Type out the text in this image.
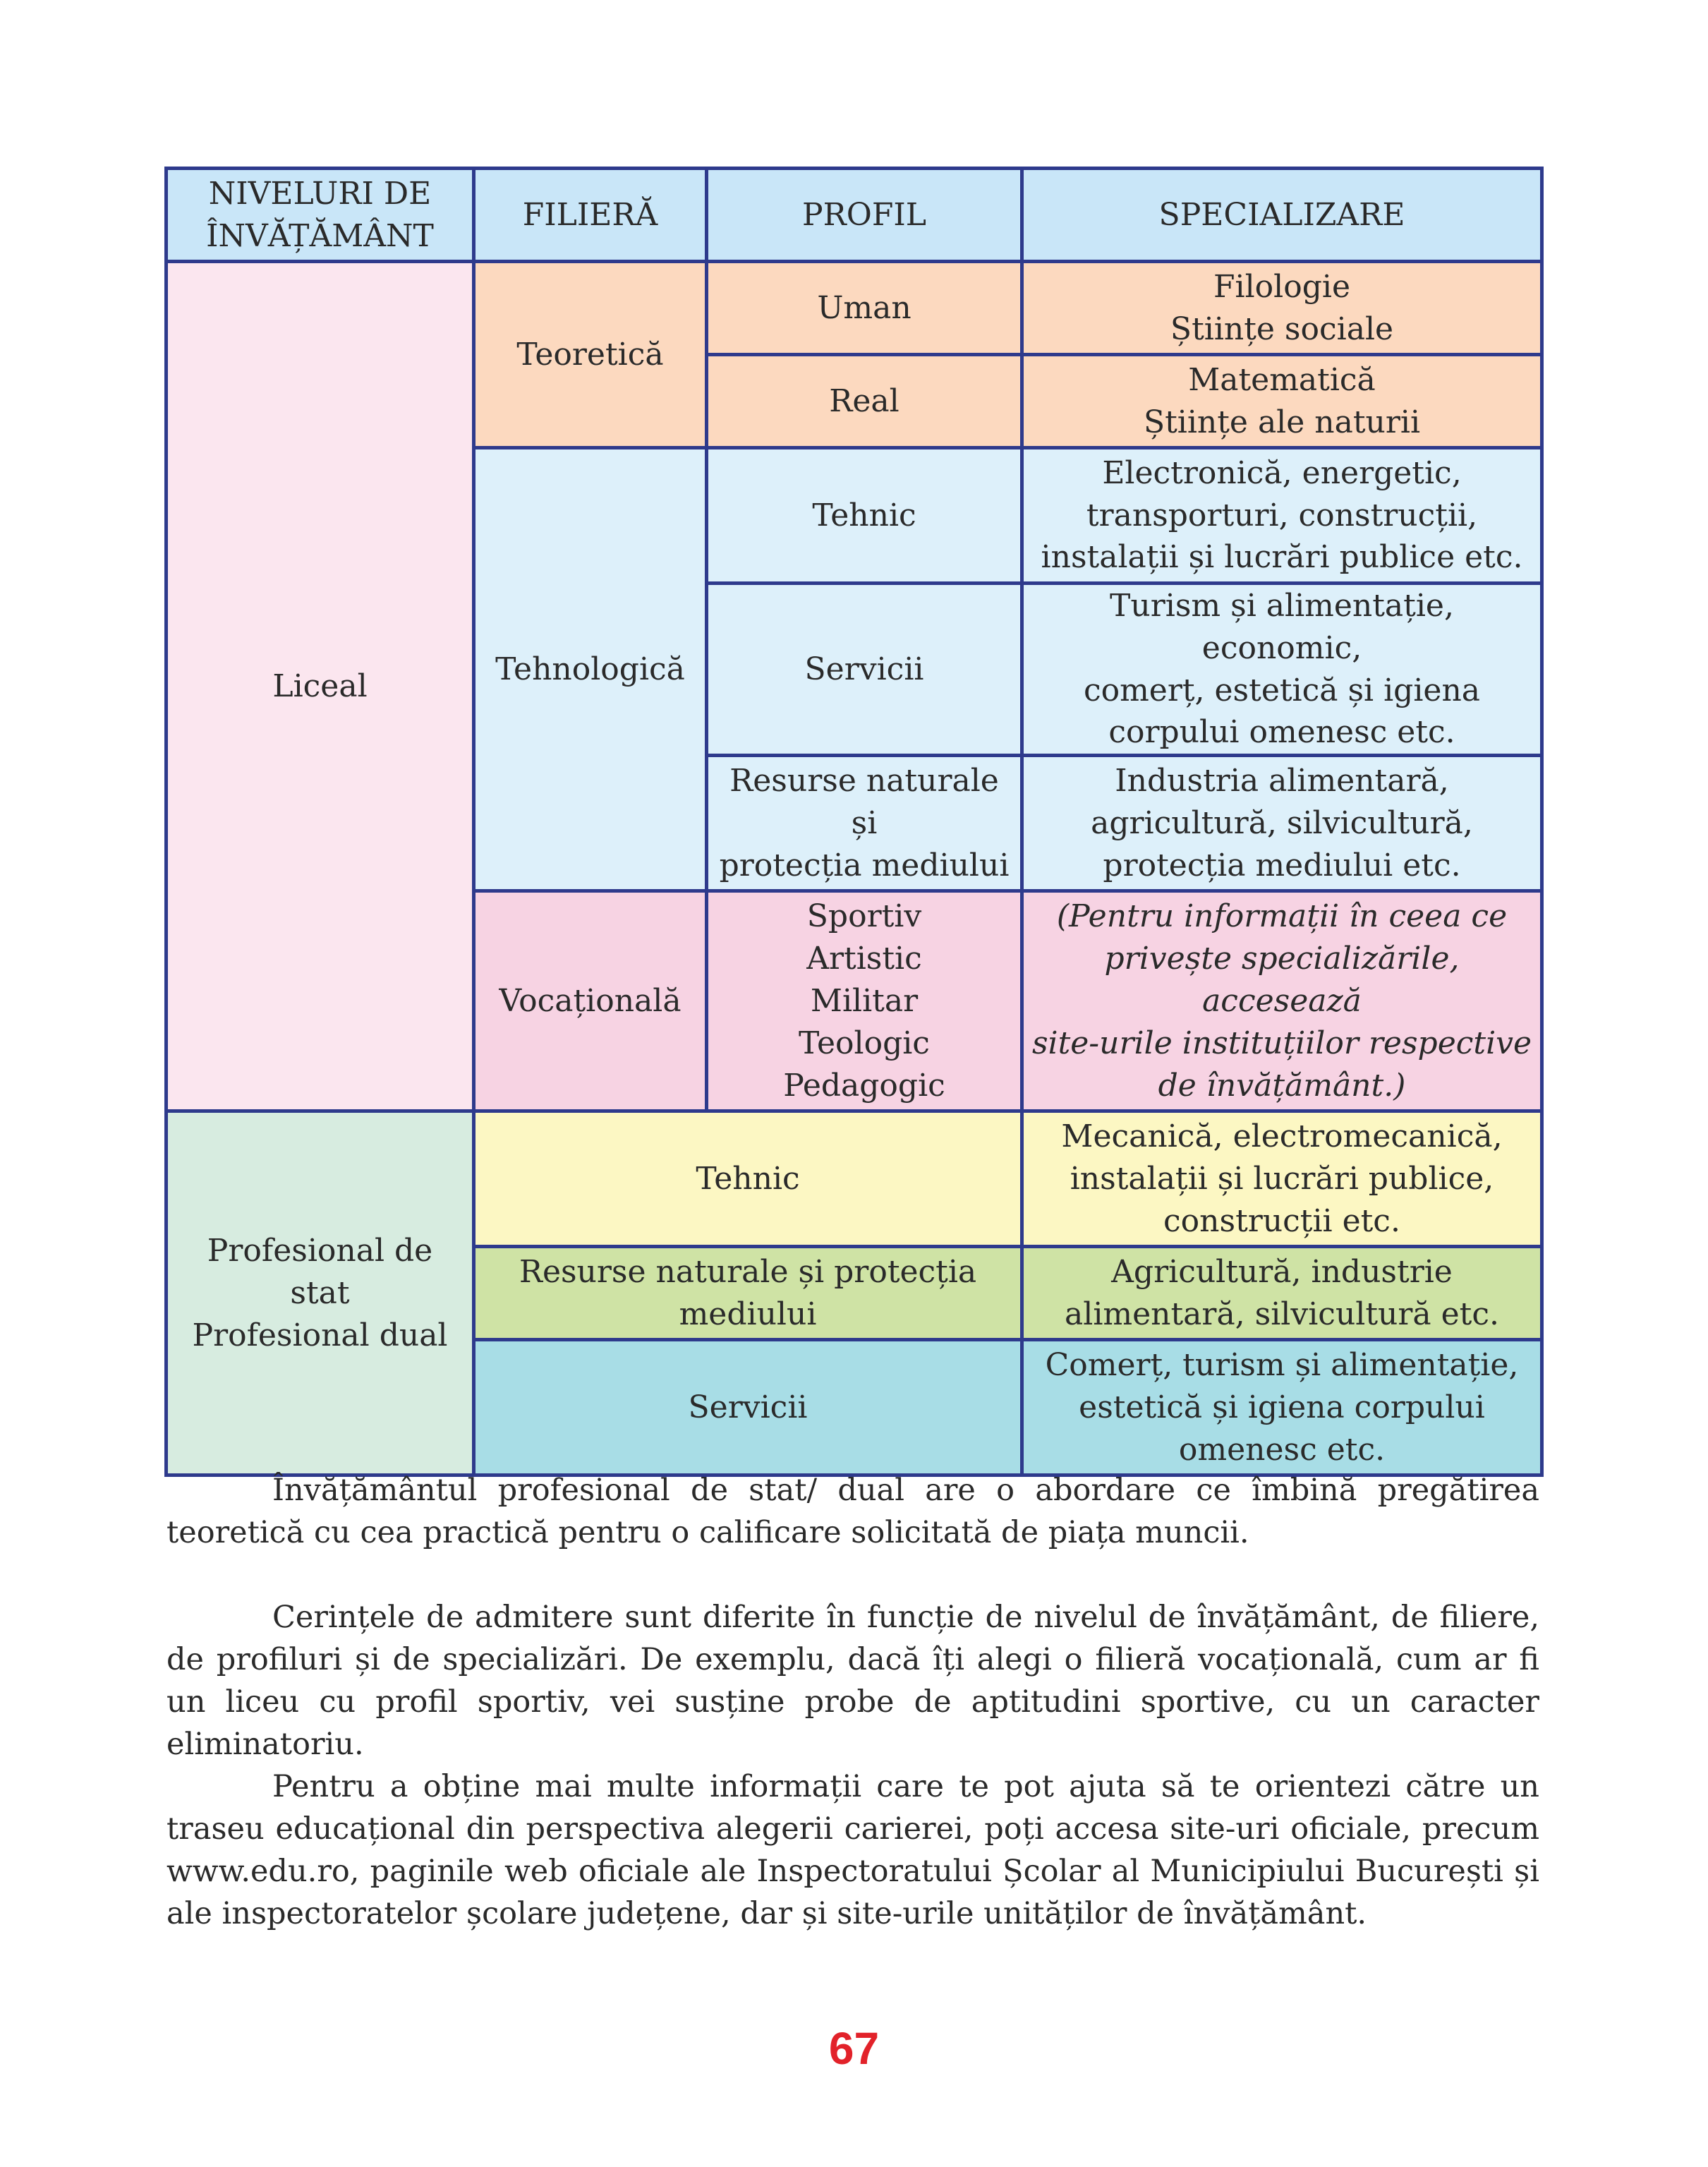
NIVELURI DE ÎNVĂȚĂMÂNT	FILIERĂ	PROFIL	SPECIALIZARE
Liceal	Teoretică	Uman	Filologie
Științe sociale

		Real	Matematică
Științe ale naturii

	Tehnologică	Tehnic	Electronică, energetic,
transporturi, construcții,
instalații și lucrări publice etc.

		Servicii	Turism și alimentație, economic,
comerț, estetică și igiena
corpului omenesc etc.

		Resurse naturale și
protecția mediului	Industria alimentară,
agricultură, silvicultură,
protecția mediului etc.

	Vocațională	Sportiv
Artistic
Militar
Teologic
Pedagogic	(Pentru informații în ceea ce
privește specializările, accesează
site-urile instituțiilor respective
de învățământ.)

Profesional de stat
Profesional dual	Tehnic		Mecanică, electromecanică,
instalații și lucrări publice,
construcții etc.

	Resurse naturale și protecția
mediului		Agricultură, industrie
alimentară, silvicultură etc.

	Servicii		Comerț, turism și alimentație,
estetică și igiena corpului
omenesc etc.

Învățământul profesional de stat/ dual are o abordare ce îmbină pregătirea teoretică cu cea practică pentru o calificare solicitată de piața muncii.

Cerințele de admitere sunt diferite în funcție de nivelul de învățământ, de filiere, de profiluri și de specializări. De exemplu, dacă îți alegi o filieră vocațională, cum ar fi un liceu cu profil sportiv, vei susține probe de aptitudini sportive, cu un caracter eliminatoriu.

Pentru a obține mai multe informații care te pot ajuta să te orientezi către un traseu educațional din perspectiva alegerii carierei, poți accesa site-uri oficiale, precum www.edu.ro, paginile web oficiale ale Inspectoratului Școlar al Municipiului București și ale inspectoratelor școlare județene, dar și site-urile unităților de învățământ.

67
